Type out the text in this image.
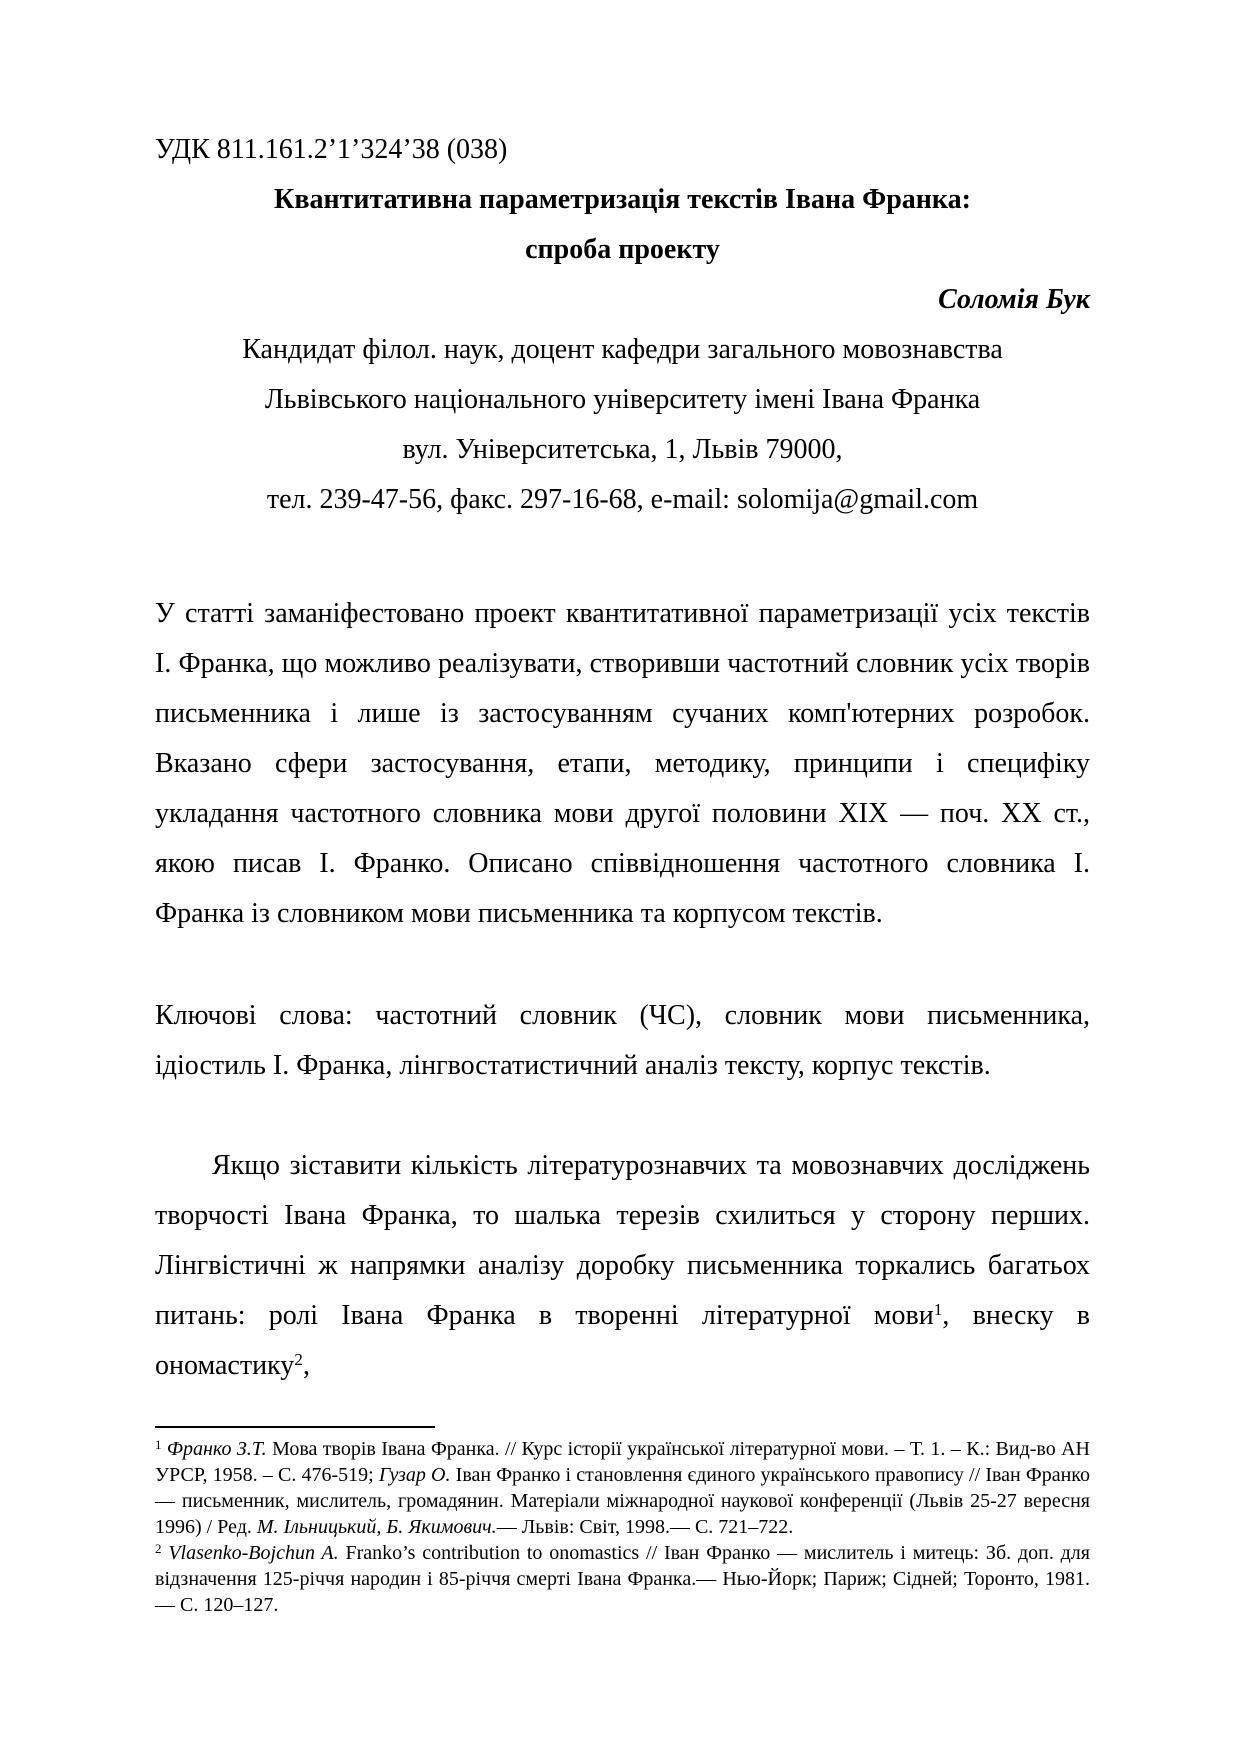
УДК 811.161.2’1’324’38 (038)
Квантитативна параметризація текстів Івана Франка:
спроба проекту
Соломія Бук
Кандидат філол. наук, доцент кафедри загального мовознавства
Львівського національного університету імені Івана Франка
вул. Університетська, 1, Львів 79000,
тел. 239-47-56, факс. 297-16-68, e-mail: solomija@gmail.com

У статті заманіфестовано проект квантитативної параметризації усіх текстів І. Франка, що можливо реалізувати, створивши частотний словник усіх творів письменника і лише із застосуванням сучаних комп'ютерних розробок. Вказано сфери застосування, етапи, методику, принципи і специфіку укладання частотного словника мови другої половини XIX — поч. XX ст., якою писав І. Франко. Описано співвідношення частотного словника І. Франка із словником мови письменника та корпусом текстів.

Ключові слова: частотний словник (ЧС), словник мови письменника, ідіостиль І. Франка, лінгвостатистичний аналіз тексту, корпус текстів.

Якщо зіставити кількість літературознавчих та мовознавчих досліджень творчості Івана Франка, то шалька терезів схилиться у сторону перших. Лінгвістичні ж напрямки аналізу доробку письменника торкались багатьох питань: ролі Івана Франка в творенні літературної мови$^1$, внеску в ономастику$^2$,

$^1$ Франко З.Т. Мова творів Івана Франка. // Курс історії української літературної мови. – Т. 1. – К.: Вид-во АН УРСР, 1958. – С. 476-519; Гузар О. Іван Франко і становлення єдиного українського правопису // Іван Франко — письменник, мислитель, громадянин. Матеріали міжнародної наукової конференції (Львів 25-27 вересня 1996) / Ред. М. Ільницький, Б. Якимович.— Львів: Світ, 1998.— С. 721–722.
$^2$ Vlasenko-Bojchun A. Franko’s contribution to onomastics // Іван Франко — мислитель і митець: Зб. доп. для відзначення 125-річчя народин і 85-річчя смерті Івана Франка.— Нью-Йорк; Париж; Сідней; Торонто, 1981.— С. 120–127.
